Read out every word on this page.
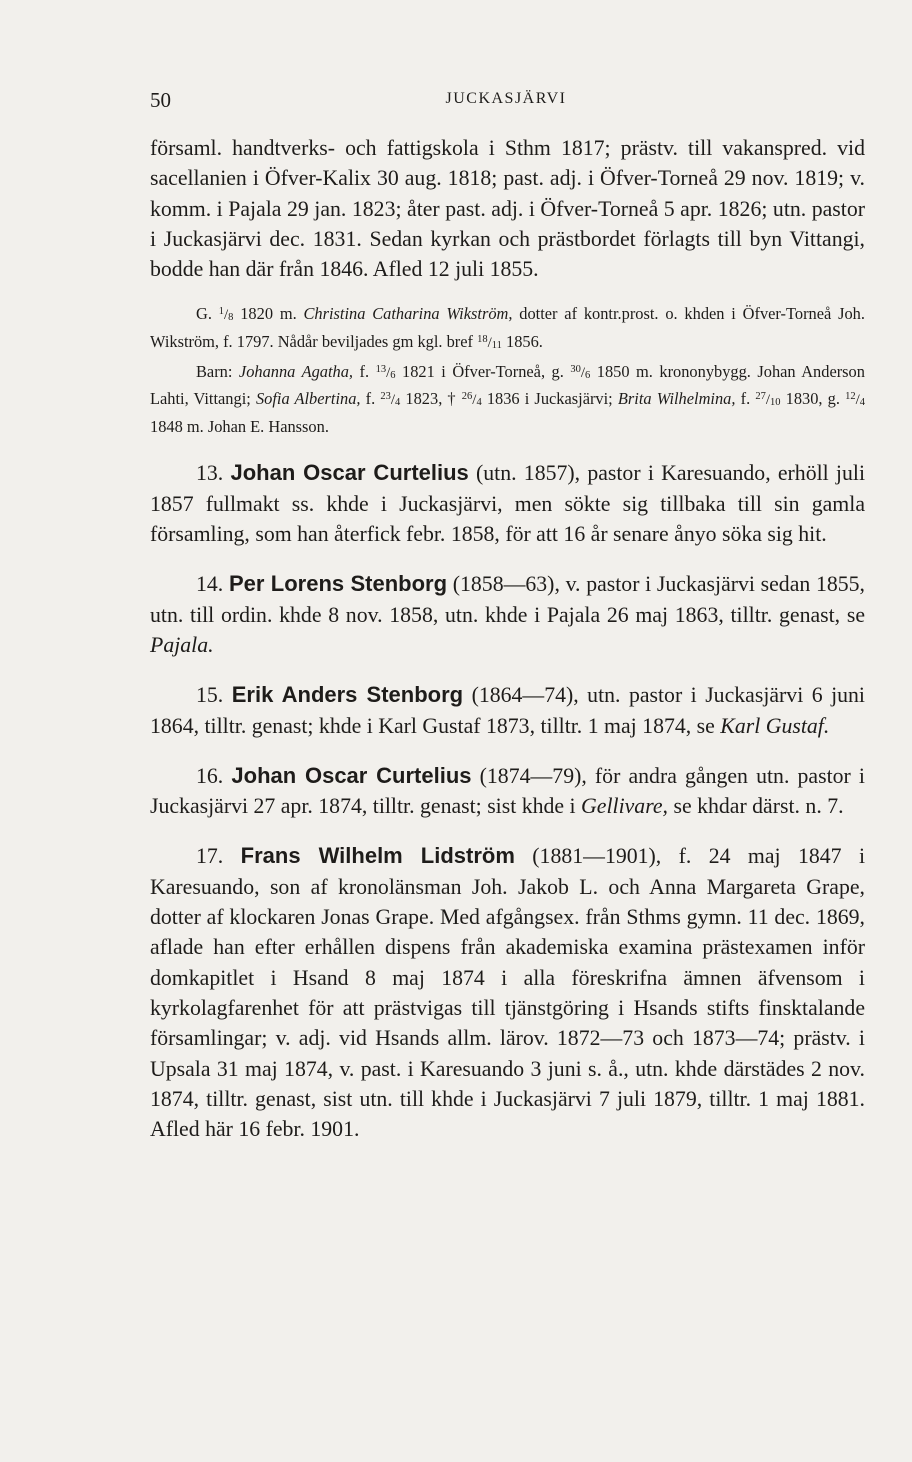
50	JUCKASJÄRVI

församl. handtverks- och fattigskola i Sthm 1817; prästv. till vakanspred. vid sacellanien i Öfver-Kalix 30 aug. 1818; past. adj. i Öfver-Torneå 29 nov. 1819; v. komm. i Pajala 29 jan. 1823; åter past. adj. i Öfver-Torneå 5 apr. 1826; utn. pastor i Juckasjärvi dec. 1831. Sedan kyrkan och prästbordet förlagts till byn Vittangi, bodde han där från 1846. Afled 12 juli 1855.

G. $^1$/8 1820 m. Christina Catharina Wikström, dotter af kontr.prost. o. khden i Öfver-Torneå Joh. Wikström, f. 1797. Nådår beviljades gm kgl. bref $^{18}$/11 1856.

Barn: Johanna Agatha, f. $^{13}$/6 1821 i Öfver-Torneå, g. $^{30}$/6 1850 m. krononybygg. Johan Anderson Lahti, Vittangi; Sofia Albertina, f. $^{23}$/4 1823, † $^{26}$/4 1836 i Juckasjärvi; Brita Wilhelmina, f. $^{27}$/10 1830, g. $^{12}$/4 1848 m. Johan E. Hansson.

13. Johan Oscar Curtelius (utn. 1857), pastor i Karesuando, erhöll juli 1857 fullmakt ss. khde i Juckasjärvi, men sökte sig tillbaka till sin gamla församling, som han återfick febr. 1858, för att 16 år senare ånyo söka sig hit.

14. Per Lorens Stenborg (1858—63), v. pastor i Juckasjärvi sedan 1855, utn. till ordin. khde 8 nov. 1858, utn. khde i Pajala 26 maj 1863, tilltr. genast, se Pajala.

15. Erik Anders Stenborg (1864—74), utn. pastor i Juckasjärvi 6 juni 1864, tilltr. genast; khde i Karl Gustaf 1873, tilltr. 1 maj 1874, se Karl Gustaf.

16. Johan Oscar Curtelius (1874—79), för andra gången utn. pastor i Juckasjärvi 27 apr. 1874, tilltr. genast; sist khde i Gellivare, se khdar därst. n. 7.

17. Frans Wilhelm Lidström (1881—1901), f. 24 maj 1847 i Karesuando, son af kronolänsman Joh. Jakob L. och Anna Margareta Grape, dotter af klockaren Jonas Grape. Med afgångsex. från Sthms gymn. 11 dec. 1869, aflade han efter erhållen dispens från akademiska examina prästexamen inför domkapitlet i Hsand 8 maj 1874 i alla föreskrifna ämnen äfvensom i kyrkolagfarenhet för att prästvigas till tjänstgöring i Hsands stifts finsktalande församlingar; v. adj. vid Hsands allm. lärov. 1872—73 och 1873—74; prästv. i Upsala 31 maj 1874, v. past. i Karesuando 3 juni s. å., utn. khde därstädes 2 nov. 1874, tilltr. genast, sist utn. till khde i Juckasjärvi 7 juli 1879, tilltr. 1 maj 1881. Afled här 16 febr. 1901.
